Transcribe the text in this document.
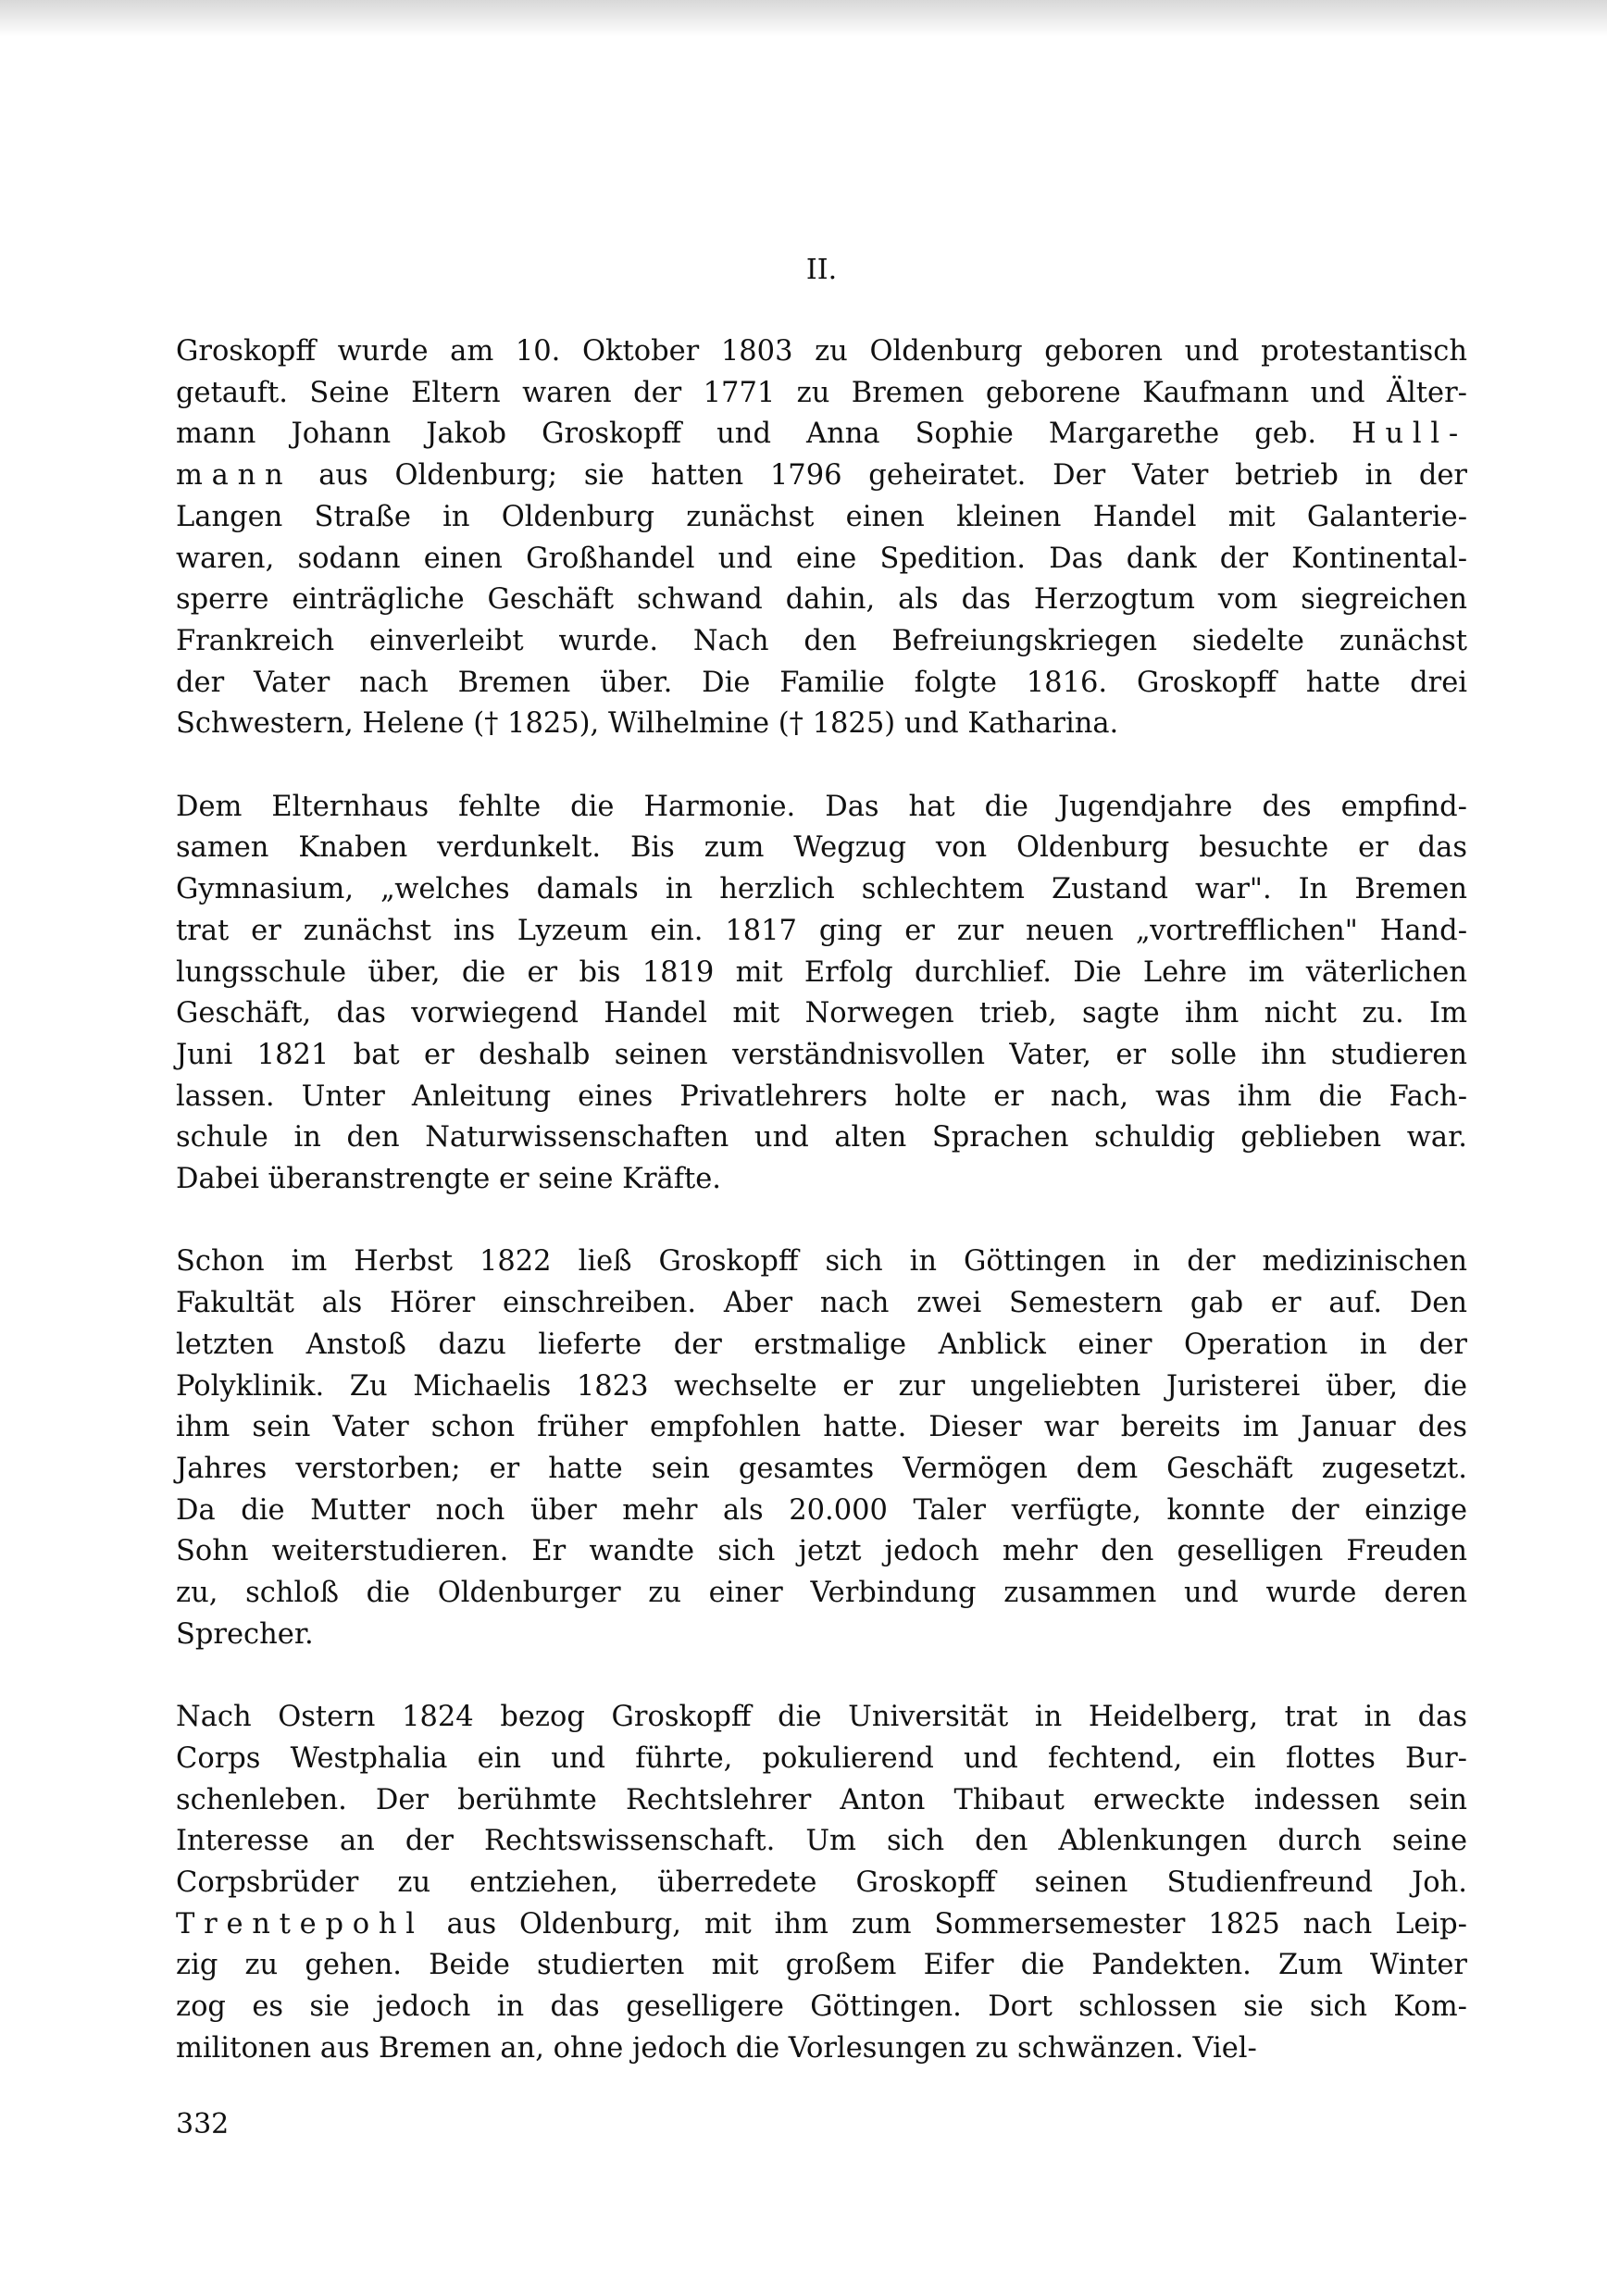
II.
Groskopff wurde am 10. Oktober 1803 zu Oldenburg geboren und protestantisch
getauft. Seine Eltern waren der 1771 zu Bremen geborene Kaufmann und Älter-
mann Johann Jakob Groskopff und Anna Sophie Margarethe geb. Hull-
mann aus Oldenburg; sie hatten 1796 geheiratet. Der Vater betrieb in der
Langen Straße in Oldenburg zunächst einen kleinen Handel mit Galanterie-
waren, sodann einen Großhandel und eine Spedition. Das dank der Kontinental-
sperre einträgliche Geschäft schwand dahin, als das Herzogtum vom siegreichen
Frankreich einverleibt wurde. Nach den Befreiungskriegen siedelte zunächst
der Vater nach Bremen über. Die Familie folgte 1816. Groskopff hatte drei
Schwestern, Helene († 1825), Wilhelmine († 1825) und Katharina.
Dem Elternhaus fehlte die Harmonie. Das hat die Jugendjahre des empfind-
samen Knaben verdunkelt. Bis zum Wegzug von Oldenburg besuchte er das
Gymnasium, „welches damals in herzlich schlechtem Zustand war". In Bremen
trat er zunächst ins Lyzeum ein. 1817 ging er zur neuen „vortrefflichen" Hand-
lungsschule über, die er bis 1819 mit Erfolg durchlief. Die Lehre im väterlichen
Geschäft, das vorwiegend Handel mit Norwegen trieb, sagte ihm nicht zu. Im
Juni 1821 bat er deshalb seinen verständnisvollen Vater, er solle ihn studieren
lassen. Unter Anleitung eines Privatlehrers holte er nach, was ihm die Fach-
schule in den Naturwissenschaften und alten Sprachen schuldig geblieben war.
Dabei überanstrengte er seine Kräfte.
Schon im Herbst 1822 ließ Groskopff sich in Göttingen in der medizinischen
Fakultät als Hörer einschreiben. Aber nach zwei Semestern gab er auf. Den
letzten Anstoß dazu lieferte der erstmalige Anblick einer Operation in der
Polyklinik. Zu Michaelis 1823 wechselte er zur ungeliebten Juristerei über, die
ihm sein Vater schon früher empfohlen hatte. Dieser war bereits im Januar des
Jahres verstorben; er hatte sein gesamtes Vermögen dem Geschäft zugesetzt.
Da die Mutter noch über mehr als 20.000 Taler verfügte, konnte der einzige
Sohn weiterstudieren. Er wandte sich jetzt jedoch mehr den geselligen Freuden
zu, schloß die Oldenburger zu einer Verbindung zusammen und wurde deren
Sprecher.
Nach Ostern 1824 bezog Groskopff die Universität in Heidelberg, trat in das
Corps Westphalia ein und führte, pokulierend und fechtend, ein flottes Bur-
schenleben. Der berühmte Rechtslehrer Anton Thibaut erweckte indessen sein
Interesse an der Rechtswissenschaft. Um sich den Ablenkungen durch seine
Corpsbrüder zu entziehen, überredete Groskopff seinen Studienfreund Joh.
Trentepohl aus Oldenburg, mit ihm zum Sommersemester 1825 nach Leip-
zig zu gehen. Beide studierten mit großem Eifer die Pandekten. Zum Winter
zog es sie jedoch in das geselligere Göttingen. Dort schlossen sie sich Kom-
militonen aus Bremen an, ohne jedoch die Vorlesungen zu schwänzen. Viel-
332
